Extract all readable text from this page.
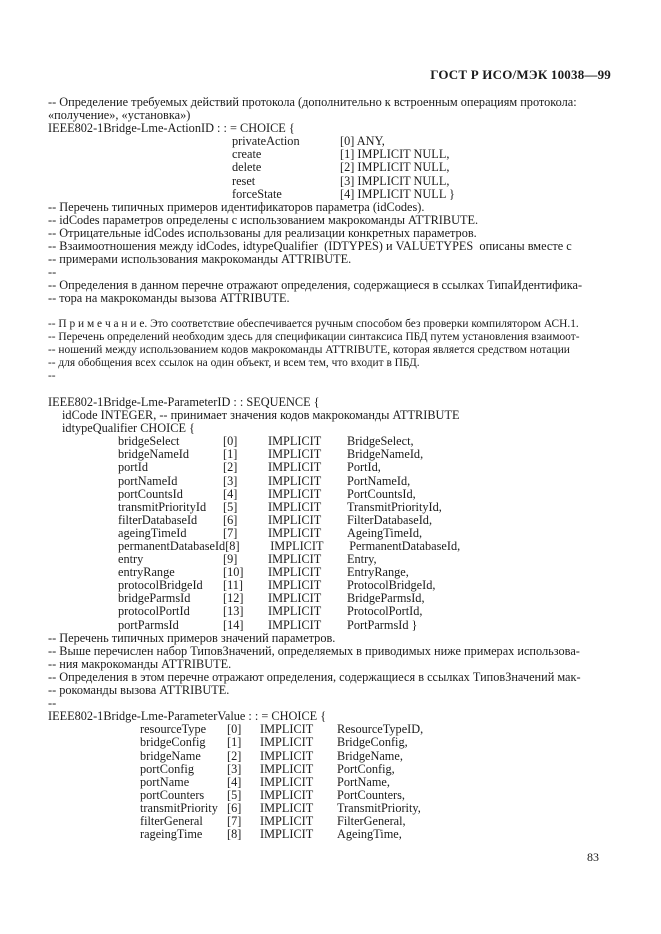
ГОСТ Р ИСО/МЭК 10038—99
-- Определение требуемых действий протокола (дополнительно к встроенным операциям протокола:
«получение», «установка»)
IEEE802-1Bridge-Lme-ActionID : : = CHOICE {
privateAction	[0] ANY,
create	[1] IMPLICIT NULL,
delete	[2] IMPLICIT NULL,
reset	[3] IMPLICIT NULL,
forceState	[4] IMPLICIT NULL }
-- Перечень типичных примеров идентификаторов параметра (idCodes).
-- idCodes параметров определены с использованием макрокоманды ATTRIBUTE.
-- Отрицательные idCodes использованы для реализации конкретных параметров.
-- Взаимоотношения между idCodes, idtypeQualifier  (IDTYPES) и VALUETYPES  описаны вместе с
-- примерами использования макрокоманды ATTRIBUTE.
--
-- Определения в данном перечне отражают определения, содержащиеся в ссылках ТипаИдентифика-
-- тора на макрокоманды вызова ATTRIBUTE.
-- П р и м е ч а н и е. Это соответствие обеспечивается ручным способом без проверки компилятором АСН.1.
-- Перечень определений необходим здесь для спецификации синтаксиса ПБД путем установления взаимоот-
-- ношений между использованием кодов макрокоманды ATTRIBUTE, которая является средством нотации
-- для обобщения всех ссылок на один объект, и всем тем, что входит в ПБД.
--
IEEE802-1Bridge-Lme-ParameterID : : SEQUENCE {
idCode INTEGER, -- принимает значения кодов макрокоманды ATTRIBUTE
idtypeQualifier CHOICE {
bridgeSelect	[0]	IMPLICIT	BridgeSelect,
bridgeNameId	[1]	IMPLICIT	BridgeNameId,
portId	[2]	IMPLICIT	PortId,
portNameId	[3]	IMPLICIT	PortNameId,
portCountsId	[4]	IMPLICIT	PortCountsId,
transmitPriorityId	[5]	IMPLICIT	TransmitPriorityId,
filterDatabaseId	[6]	IMPLICIT	FilterDatabaseId,
ageingTimeId	[7]	IMPLICIT	AgeingTimeId,
permanentDatabaseId [8]	IMPLICIT	PermanentDatabaseId,
entry	[9]	IMPLICIT	Entry,
entryRange	[10]	IMPLICIT	EntryRange,
protocolBridgeId	[11]	IMPLICIT	ProtocolBridgeId,
bridgeParmsId	[12]	IMPLICIT	BridgeParmsId,
protocolPortId	[13]	IMPLICIT	ProtocolPortId,
portParmsId	[14]	IMPLICIT	PortParmsId }
-- Перечень типичных примеров значений параметров.
-- Выше перечислен набор ТиповЗначений, определяемых в приводимых ниже примерах использова-
-- ния макрокоманды ATTRIBUTE.
-- Определения в этом перечне отражают определения, содержащиеся в ссылках ТиповЗначений мак-
-- рокоманды вызова ATTRIBUTE.
--
IEEE802-1Bridge-Lme-ParameterValue : : = CHOICE {
resourceType	[0]	IMPLICIT	ResourceTypeID,
bridgeConfig	[1]	IMPLICIT	BridgeConfig,
bridgeName	[2]	IMPLICIT	BridgeName,
portConfig	[3]	IMPLICIT	PortConfig,
portName	[4]	IMPLICIT	PortName,
portCounters	[5]	IMPLICIT	PortCounters,
transmitPriority [6]	IMPLICIT	TransmitPriority,
filterGeneral	[7]	IMPLICIT	FilterGeneral,
rageingTime	[8]	IMPLICIT	AgeingTime,
83
